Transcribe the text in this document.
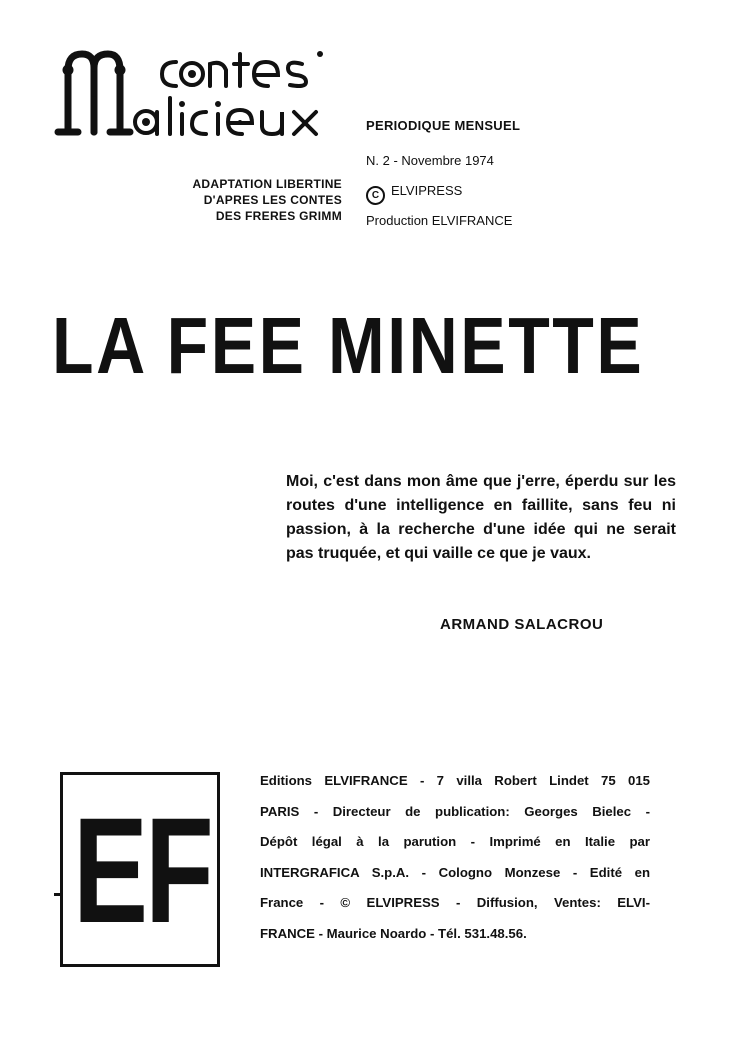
PERIODIQUE MENSUEL
N. 2 - Novembre 1974
C ELVIPRESS
Production ELVIFRANCE
ADAPTATION LIBERTINE
D'APRES LES CONTES
DES FRERES GRIMM
LA FEE MINETTE
Moi, c'est dans mon âme que j'erre, éperdu sur les routes d'une intelligence en faillite, sans feu ni passion, à la recherche d'une idée qui ne serait pas truquée, et qui vaille ce que je vaux.
ARMAND SALACROU
EF
Editions ELVIFRANCE - 7 villa Robert Lindet 75 015
PARIS - Directeur de publication: Georges Bielec -
Dépôt légal à la parution - Imprimé en Italie par
INTERGRAFICA S.p.A. - Cologno Monzese - Edité en
France - © ELVIPRESS - Diffusion, Ventes: ELVI-
FRANCE - Maurice Noardo - Tél. 531.48.56.
